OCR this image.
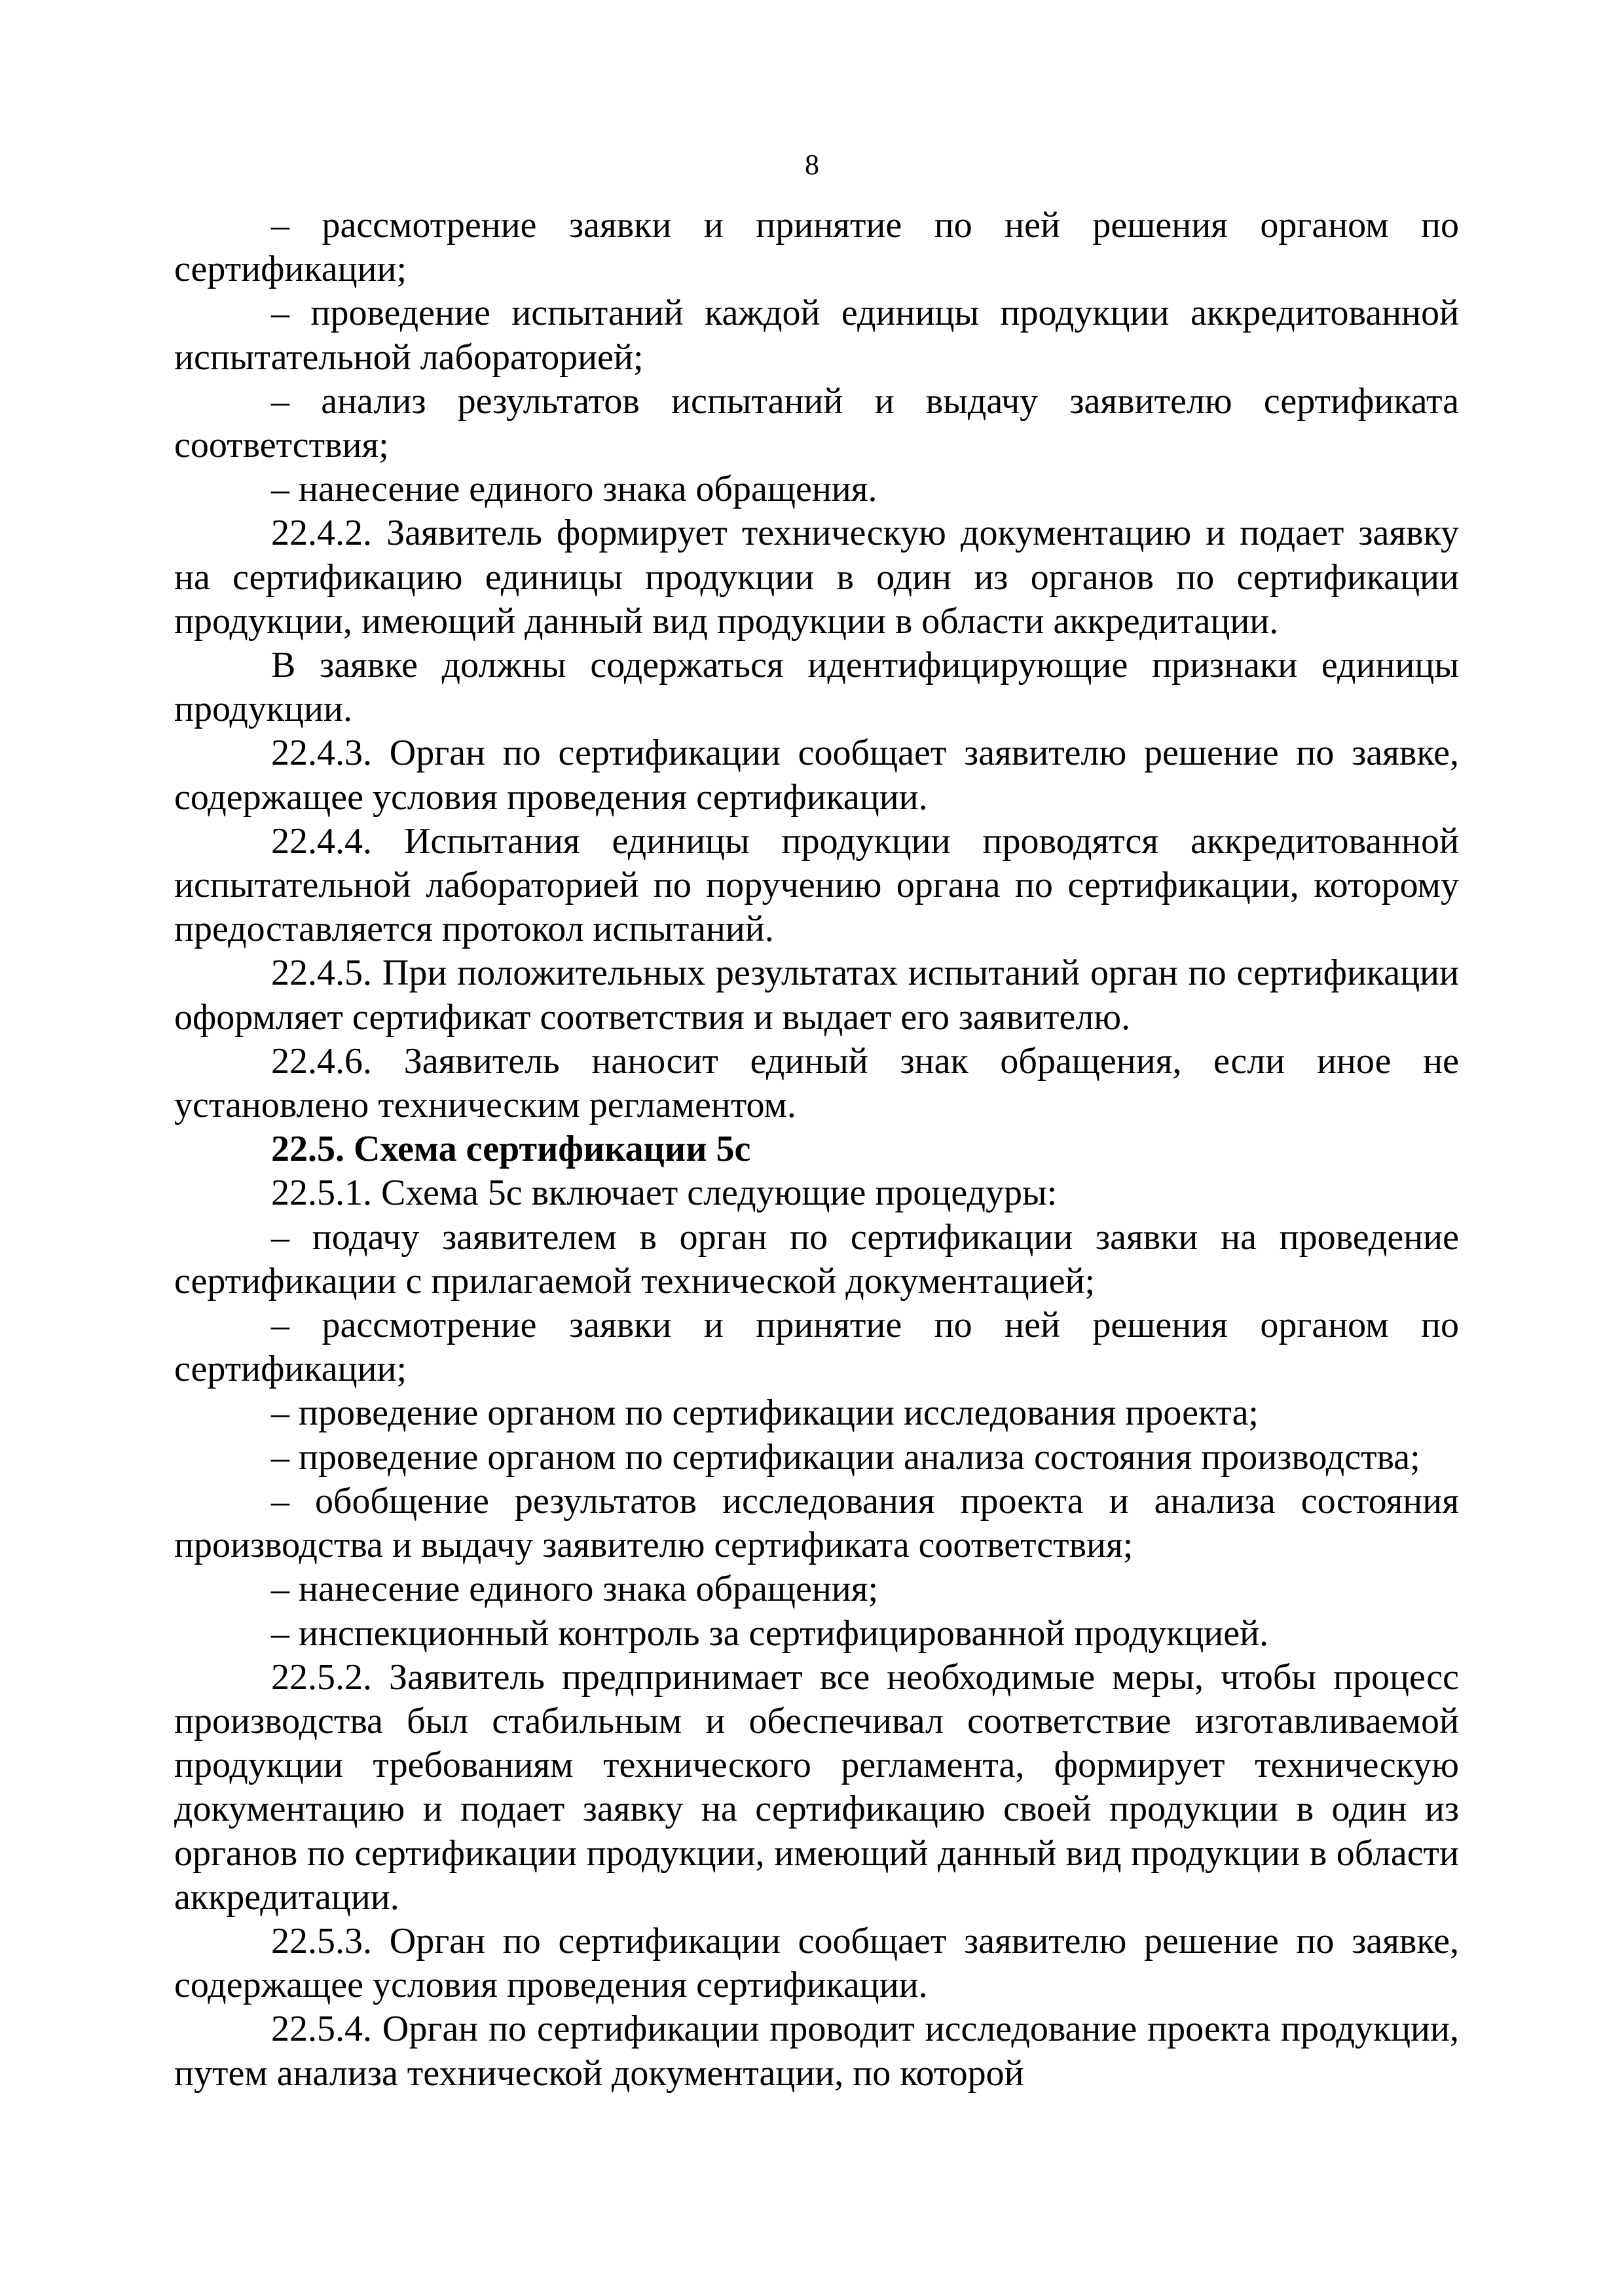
8

– рассмотрение заявки и принятие по ней решения органом по сертификации;

– проведение испытаний каждой единицы продукции аккредитованной испытательной лабораторией;

– анализ результатов испытаний и выдачу заявителю сертификата соответствия;

– нанесение единого знака обращения.

22.4.2. Заявитель формирует техническую документацию и подает заявку на сертификацию единицы продукции в один из органов по сертификации продукции, имеющий данный вид продукции в области аккредитации.

В заявке должны содержаться идентифицирующие признаки единицы продукции.

22.4.3. Орган по сертификации сообщает заявителю решение по заявке, содержащее условия проведения сертификации.

22.4.4. Испытания единицы продукции проводятся аккредитованной испытательной лабораторией по поручению органа по сертификации, которому предоставляется протокол испытаний.

22.4.5. При положительных результатах испытаний орган по сертификации оформляет сертификат соответствия и выдает его заявителю.

22.4.6. Заявитель наносит единый знак обращения, если иное не установлено техническим регламентом.

22.5. Схема сертификации 5с

22.5.1. Схема 5с включает следующие процедуры:

– подачу заявителем в орган по сертификации заявки на проведение сертификации с прилагаемой технической документацией;

– рассмотрение заявки и принятие по ней решения органом по сертификации;

– проведение органом по сертификации исследования проекта;

– проведение органом по сертификации анализа состояния производства;

– обобщение результатов исследования проекта и анализа состояния производства и выдачу заявителю сертификата соответствия;

– нанесение единого знака обращения;

– инспекционный контроль за сертифицированной продукцией.

22.5.2. Заявитель предпринимает все необходимые меры, чтобы процесс производства был стабильным и обеспечивал соответствие изготавливаемой продукции требованиям технического регламента, формирует техническую документацию и подает заявку на сертификацию своей продукции в один из органов по сертификации продукции, имеющий данный вид продукции в области аккредитации.

22.5.3. Орган по сертификации сообщает заявителю решение по заявке, содержащее условия проведения сертификации.

22.5.4. Орган по сертификации проводит исследование проекта продукции, путем анализа технической документации, по которой
